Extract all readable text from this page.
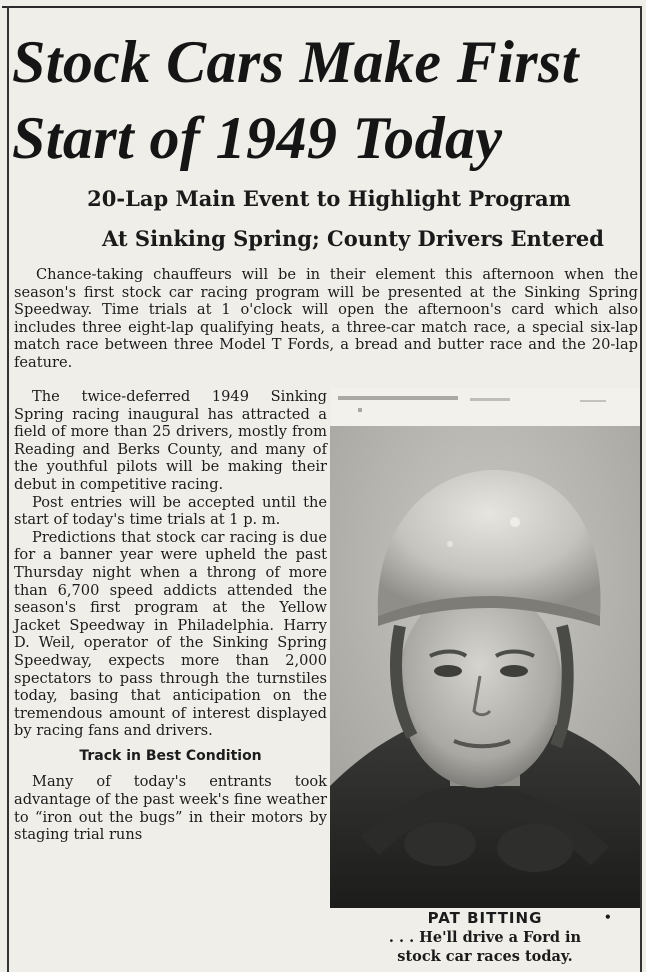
Stock Cars Make First
Start of 1949 Today
20-Lap Main Event to Highlight Program
At Sinking Spring; County Drivers Entered

Chance-taking chauffeurs will be in their element this afternoon when the season's first stock car racing program will be presented at the Sinking Spring Speedway. Time trials at 1 o'clock will open the afternoon's card which also includes three eight-lap qualifying heats, a three-car match race, a special six-lap match race between three Model T Fords, a bread and butter race and the 20-lap feature.

The twice-deferred 1949 Sinking Spring racing inaugural has attracted a field of more than 25 drivers, mostly from Reading and Berks County, and many of the youthful pilots will be making their debut in competitive racing.

Post entries will be accepted until the start of today's time trials at 1 p. m.

Predictions that stock car racing is due for a banner year were upheld the past Thursday night when a throng of more than 6,700 speed addicts attended the season's first program at the Yellow Jacket Speedway in Philadelphia. Harry D. Weil, operator of the Sinking Spring Speedway, expects more than 2,000 spectators to pass through the turnstiles today, basing that anticipation on the tremendous amount of interest displayed by racing fans and drivers.

Track in Best Condition

Many of today's entrants took advantage of the past week's fine weather to “iron out the bugs” in their motors by staging trial runs

PAT BITTING	•
. . . He'll drive a Ford in
stock car races today.
